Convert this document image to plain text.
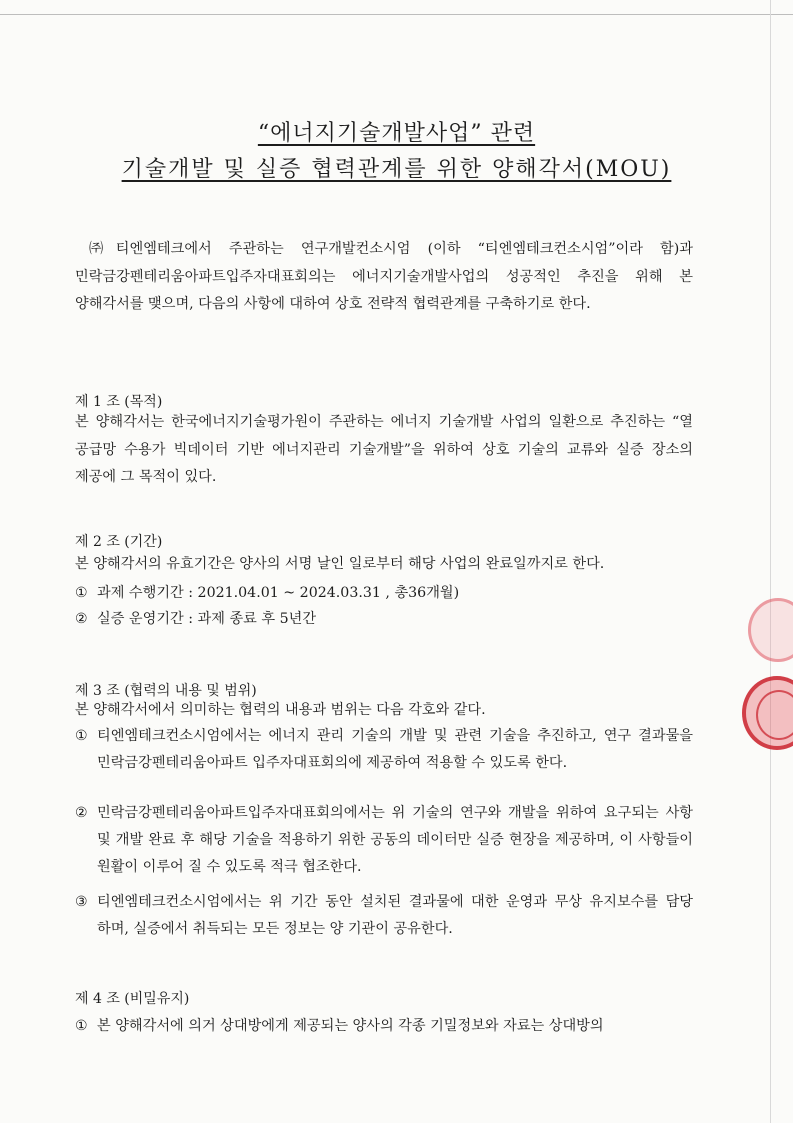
“에너지기술개발사업” 관련
기술개발 및 실증 협력관계를 위한 양해각서(MOU)

㈜티엔엠테크에서 주관하는 연구개발컨소시엄 (이하 “티엔엠테크컨소시엄”이라 함)과 민락금강펜테리움아파트입주자대표회의는 에너지기술개발사업의 성공적인 추진을 위해 본 양해각서를 맺으며, 다음의 사항에 대하여 상호 전략적 협력관계를 구축하기로 한다.

제 1 조 (목적)

본 양해각서는 한국에너지기술평가원이 주관하는 에너지 기술개발 사업의 일환으로 추진하는 “열 공급망 수용가 빅데이터 기반 에너지관리 기술개발”을 위하여 상호 기술의 교류와 실증 장소의 제공에 그 목적이 있다.

제 2 조 (기간)

본 양해각서의 유효기간은 양사의 서명 날인 일로부터 해당 사업의 완료일까지로 한다.

① 과제 수행기간 : 2021.04.01 ~ 2024.03.31 , 총36개월)

② 실증 운영기간 : 과제 종료 후 5년간

제 3 조 (협력의 내용 및 범위)

본 양해각서에서 의미하는 협력의 내용과 범위는 다음 각호와 같다.

① 티엔엠테크컨소시엄에서는 에너지 관리 기술의 개발 및 관련 기술을 추진하고, 연구 결과물을 민락금강펜테리움아파트 입주자대표회의에 제공하여 적용할 수 있도록 한다.

② 민락금강펜테리움아파트입주자대표회의에서는 위 기술의 연구와 개발을 위하여 요구되는 사항 및 개발 완료 후 해당 기술을 적용하기 위한 공동의 데이터만 실증 현장을 제공하며, 이 사항들이 원활이 이루어 질 수 있도록 적극 협조한다.

③ 티엔엠테크컨소시엄에서는 위 기간 동안 설치된 결과물에 대한 운영과 무상 유지보수를 담당 하며, 실증에서 취득되는 모든 정보는 양 기관이 공유한다.

제 4 조 (비밀유지)

① 본 양해각서에 의거 상대방에게 제공되는 양사의 각종 기밀정보와 자료는 상대방의
